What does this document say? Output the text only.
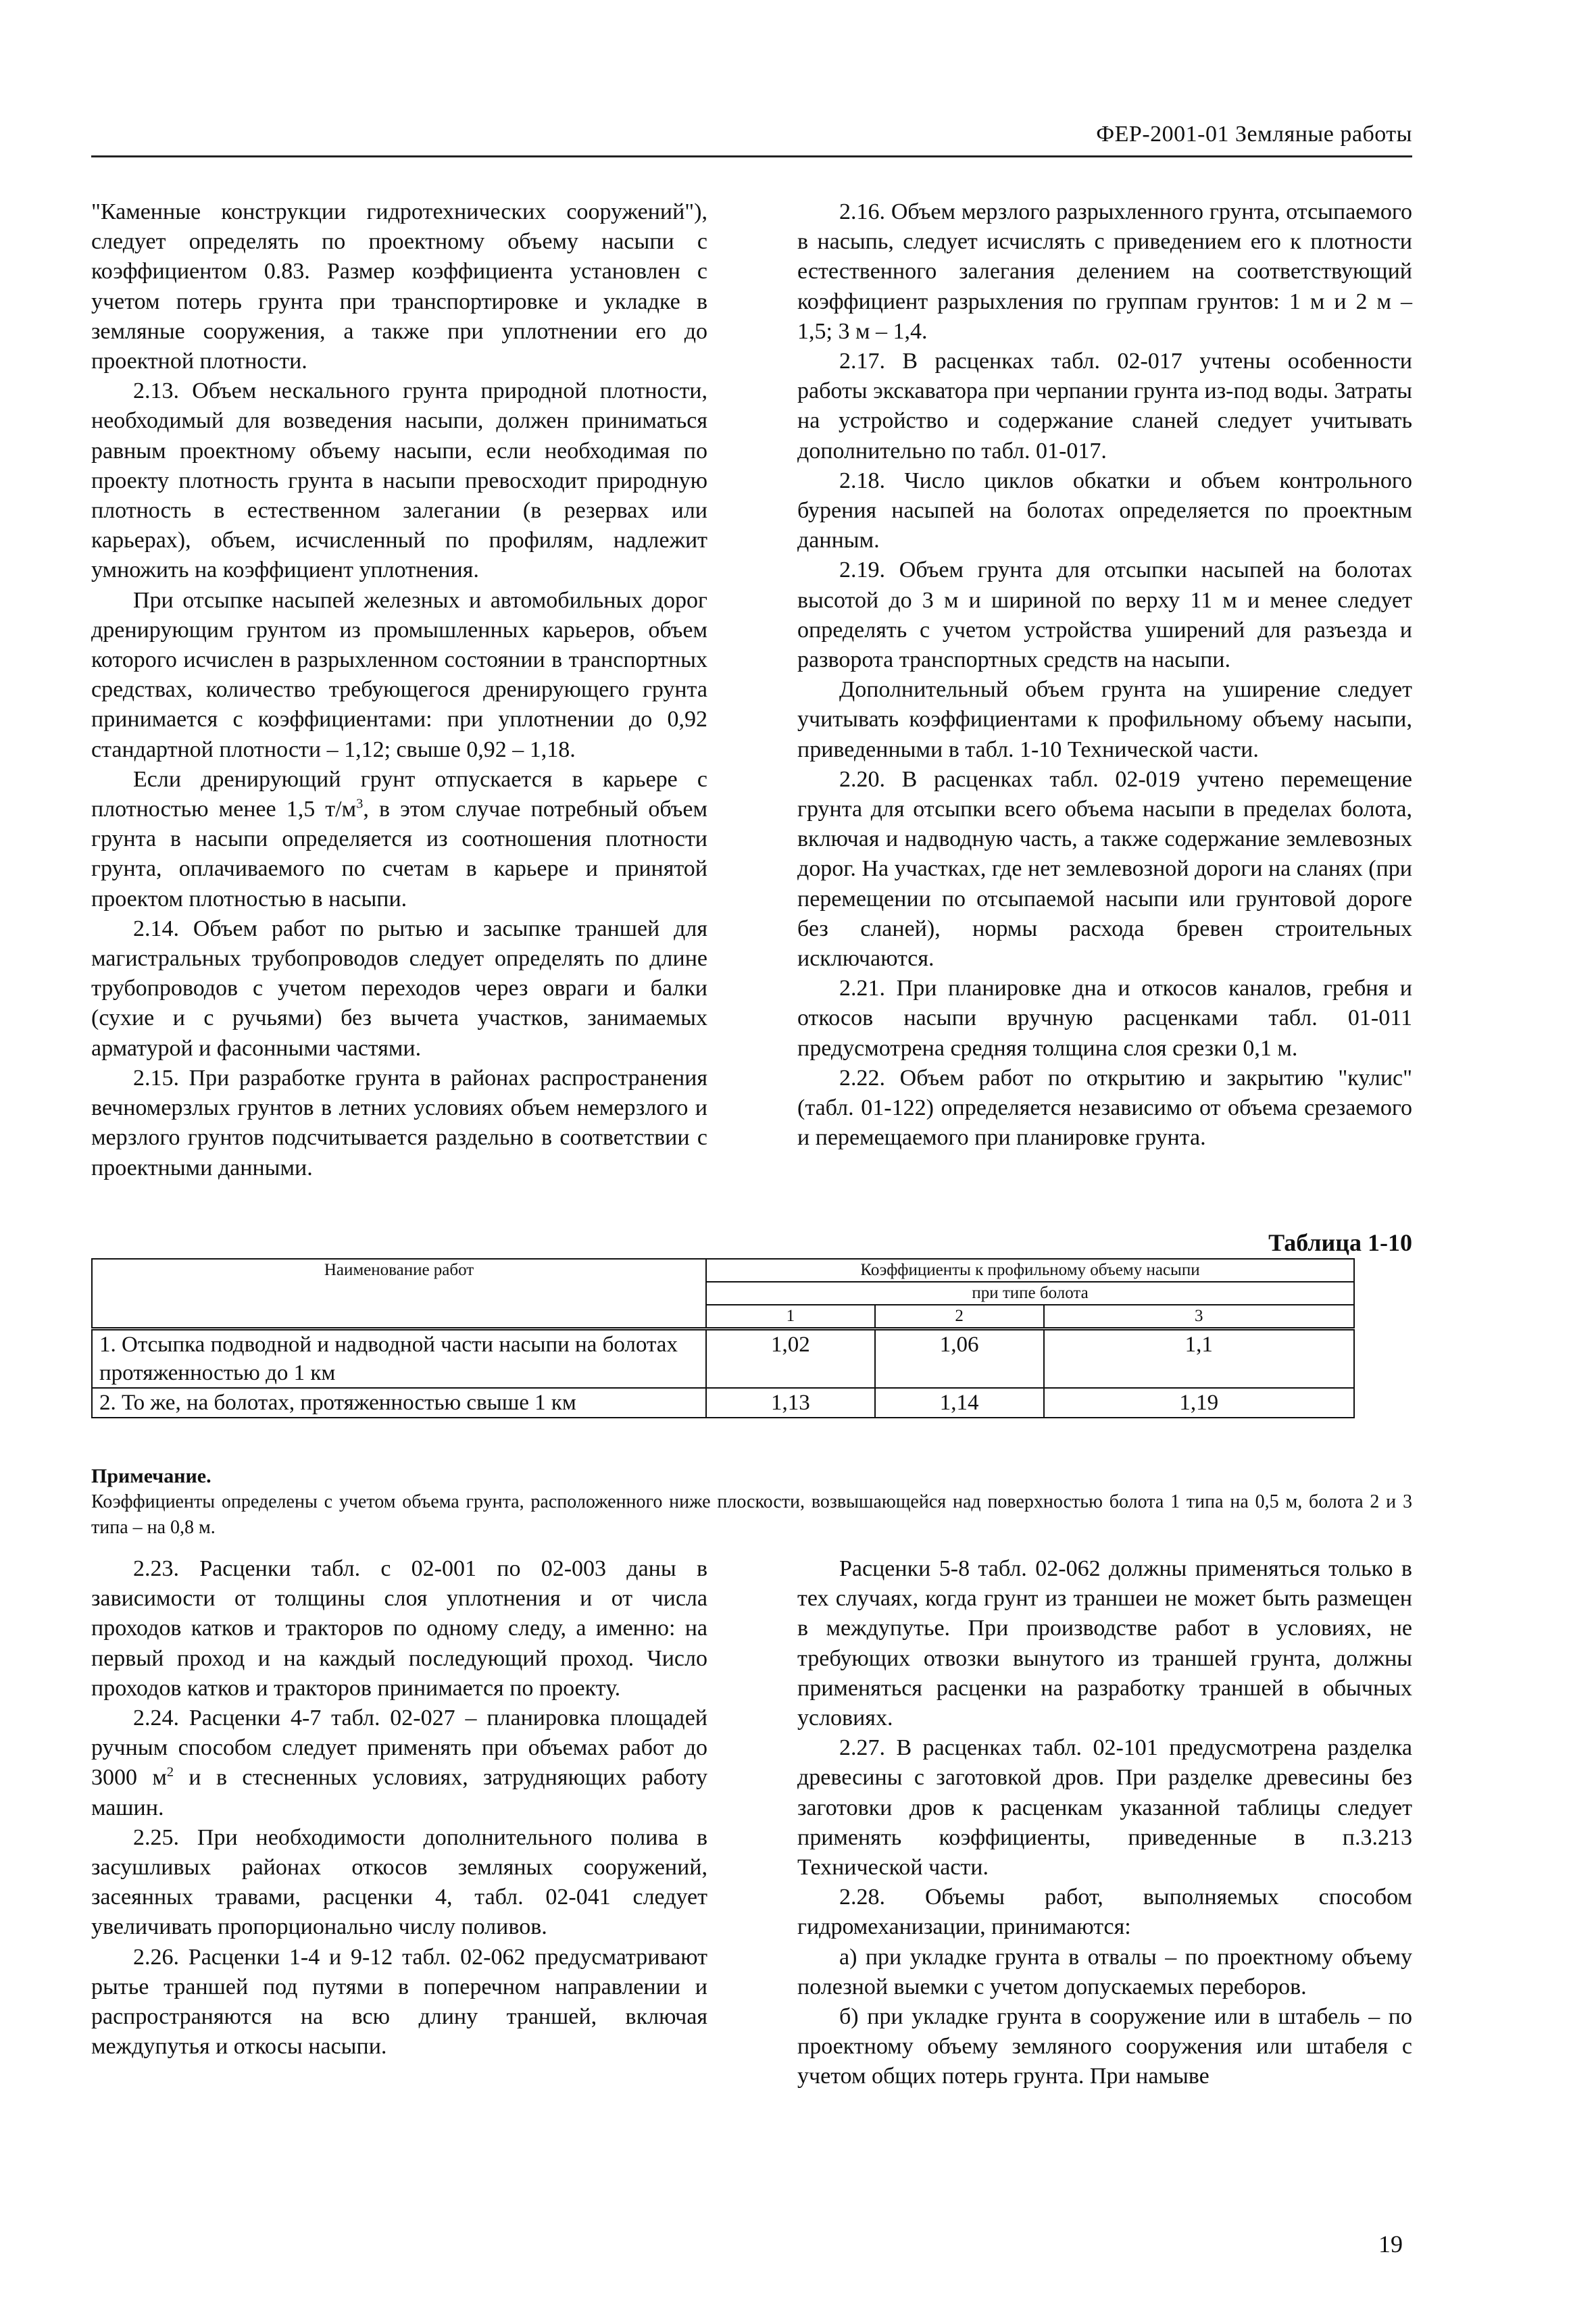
ФЕР-2001-01 Земляные работы

"Каменные конструкции гидротехнических сооружений"), следует определять по проектному объему насыпи с коэффициентом 0.83. Размер коэффициента установлен с учетом потерь грунта при транспортировке и укладке в земляные сооружения, а также при уплотнении его до проектной плотности.

2.13. Объем нескального грунта природной плотности, необходимый для возведения насыпи, должен приниматься равным проектному объему насыпи, если необходимая по проекту плотность грунта в насыпи превосходит природную плотность в естественном залегании (в резервах или карьерах), объем, исчисленный по профилям, надлежит умножить на коэффициент уплотнения.

При отсыпке насыпей железных и автомобильных дорог дренирующим грунтом из промышленных карьеров, объем которого исчислен в разрыхленном состоянии в транспортных средствах, количество требующегося дренирующего грунта принимается с коэффициентами: при уплотнении до 0,92 стандартной плотности – 1,12; свыше 0,92 – 1,18.

Если дренирующий грунт отпускается в карьере с плотностью менее 1,5 $т/м^3$, в этом случае потребный объем грунта в насыпи определяется из соотношения плотности грунта, оплачиваемого по счетам в карьере и принятой проектом плотностью в насыпи.

2.14. Объем работ по рытью и засыпке траншей для магистральных трубопроводов следует определять по длине трубопроводов с учетом переходов через овраги и балки (сухие и с ручьями) без вычета участков, занимаемых арматурой и фасонными частями.

2.15. При разработке грунта в районах распространения вечномерзлых грунтов в летних условиях объем немерзлого и мерзлого грунтов подсчитывается раздельно в соответствии с проектными данными.

2.16. Объем мерзлого разрыхленного грунта, отсыпаемого в насыпь, следует исчислять с приведением его к плотности естественного залегания делением на соответствующий коэффициент разрыхления по группам грунтов: 1 м и 2 м – 1,5; 3 м – 1,4.

2.17. В расценках табл. 02-017 учтены особенности работы экскаватора при черпании грунта из-под воды. Затраты на устройство и содержание сланей следует учитывать дополнительно по табл. 01-017.

2.18. Число циклов обкатки и объем контрольного бурения насыпей на болотах определяется по проектным данным.

2.19. Объем грунта для отсыпки насыпей на болотах высотой до 3 м и шириной по верху 11 м и менее следует определять с учетом устройства уширений для разъезда и разворота транспортных средств на насыпи.

Дополнительный объем грунта на уширение следует учитывать коэффициентами к профильному объему насыпи, приведенными в табл. 1-10 Технической части.

2.20. В расценках табл. 02-019 учтено перемещение грунта для отсыпки всего объема насыпи в пределах болота, включая и надводную часть, а также содержание землевозных дорог. На участках, где нет землевозной дороги на сланях (при перемещении по отсыпаемой насыпи или грунтовой дороге без сланей), нормы расхода бревен строительных исключаются.

2.21. При планировке дна и откосов каналов, гребня и откосов насыпи вручную расценками табл. 01-011 предусмотрена средняя толщина слоя срезки 0,1 м.

2.22. Объем работ по открытию и закрытию "кулис" (табл. 01-122) определяется независимо от объема срезаемого и перемещаемого при планировке грунта.

Таблица 1-10
Наименование работ	Коэффициенты к профильному объему насыпи		
	при типе болота		
	1	2	3
1. Отсыпка подводной и надводной части насыпи на болотах протяженностью до 1 км	1,02	1,06	1,1
2. То же, на болотах, протяженностью свыше 1 км	1,13	1,14	1,19
Примечание.
Коэффициенты определены с учетом объема грунта, расположенного ниже плоскости, возвышающейся над поверхностью болота 1 типа на 0,5 м, болота 2 и 3 типа – на 0,8 м.

2.23. Расценки табл. с 02-001 по 02-003 даны в зависимости от толщины слоя уплотнения и от числа проходов катков и тракторов по одному следу, а именно: на первый проход и на каждый последующий проход. Число проходов катков и тракторов принимается по проекту.

2.24. Расценки 4-7 табл. 02-027 – планировка площадей ручным способом следует применять при объемах работ до 3000 $м^2$ и в стесненных условиях, затрудняющих работу машин.

2.25. При необходимости дополнительного полива в засушливых районах откосов земляных сооружений, засеянных травами, расценки 4, табл. 02-041 следует увеличивать пропорционально числу поливов.

2.26. Расценки 1-4 и 9-12 табл. 02-062 предусматривают рытье траншей под путями в поперечном направлении и распространяются на всю длину траншей, включая междупутья и откосы насыпи.

Расценки 5-8 табл. 02-062 должны применяться только в тех случаях, когда грунт из траншеи не может быть размещен в междупутье. При производстве работ в условиях, не требующих отвозки вынутого из траншей грунта, должны применяться расценки на разработку траншей в обычных условиях.

2.27. В расценках табл. 02-101 предусмотрена разделка древесины с заготовкой дров. При разделке древесины без заготовки дров к расценкам указанной таблицы следует применять коэффициенты, приведенные в п.3.213 Технической части.

2.28. Объемы работ, выполняемых способом гидромеханизации, принимаются:

а) при укладке грунта в отвалы – по проектному объему полезной выемки с учетом допускаемых переборов.

б) при укладке грунта в сооружение или в штабель – по проектному объему земляного сооружения или штабеля с учетом общих потерь грунта. При намыве

19
